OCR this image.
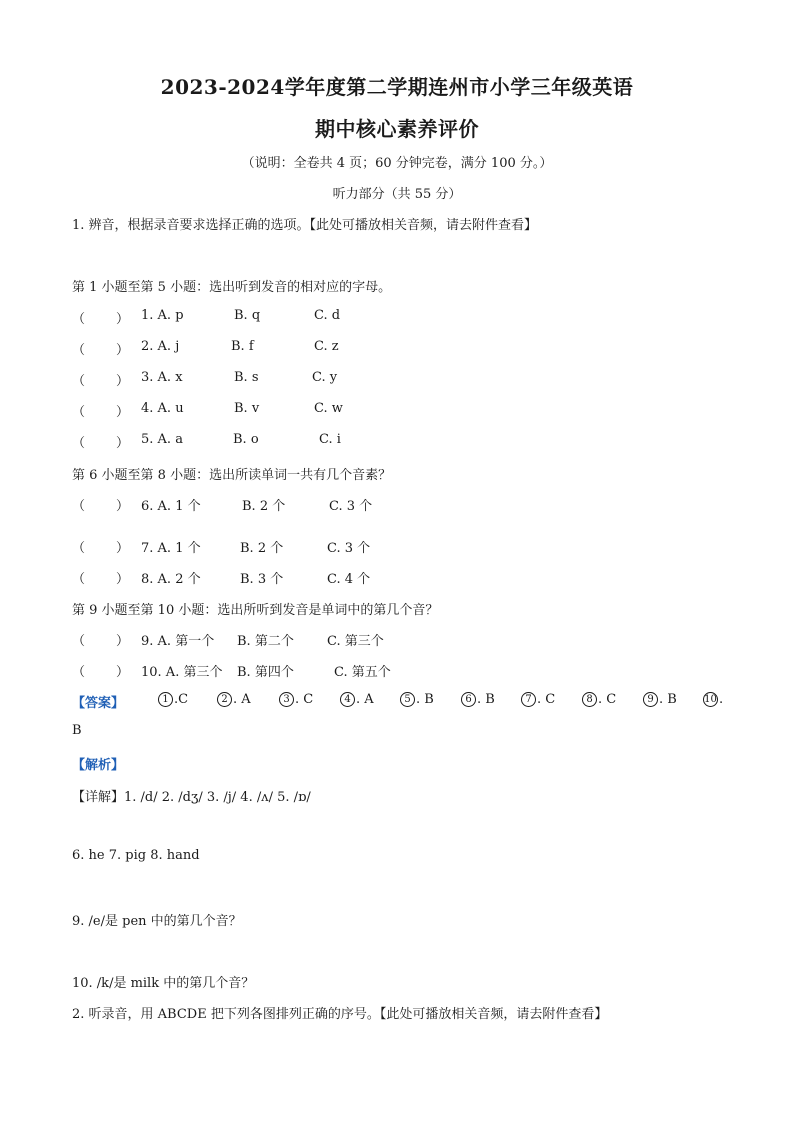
2023-2024学年度第二学期连州市小学三年级英语
期中核心素养评价
（说明：全卷共 4 页；60 分钟完卷，满分 100 分。）
听力部分（共 55 分）
1. 辨音，根据录音要求选择正确的选项。【此处可播放相关音频，请去附件查看】
第 1 小题至第 5 小题：选出听到发音的相对应的字母。
（ ） 1. A. p	B. q	C. d
（ ） 2. A. j	B. f	C. z
（ ） 3. A. x	B. s	C. y
（ ） 4. A. u	B. v	C. w
（ ） 5. A. a	B. o	C. i
（ ） 6. A. 1 个	B. 2 个	C. 3 个
（ ） 7. A. 1 个	B. 2 个	C. 3 个
（ ） 8. A. 2 个	B. 3 个	C. 4 个
（ ） 9. A. 第一个 B. 第二个	C. 第三个
（ ） 10. A. 第三个 B. 第四个	C. 第五个
第 6 小题至第 8 小题：选出所读单词一共有几个音素？
第 9 小题至第 10 小题：选出所听到发音是单词中的第几个音？
【答案】	1 .C	2 . A	3 . C	4 . A	5 . B	6 . B	7 . C	8 . C	9 . B	10 .
B
【解析】
【详解】1. /d/ 2. /dʒ/ 3. /j/ 4. /ʌ/ 5. /ɒ/
6. he 7. pig 8. hand
9. /e/是 pen 中的第几个音？
10. /k/是 milk 中的第几个音？
2. 听录音，用 ABCDE 把下列各图排列正确的序号。【此处可播放相关音频，请去附件查看】
